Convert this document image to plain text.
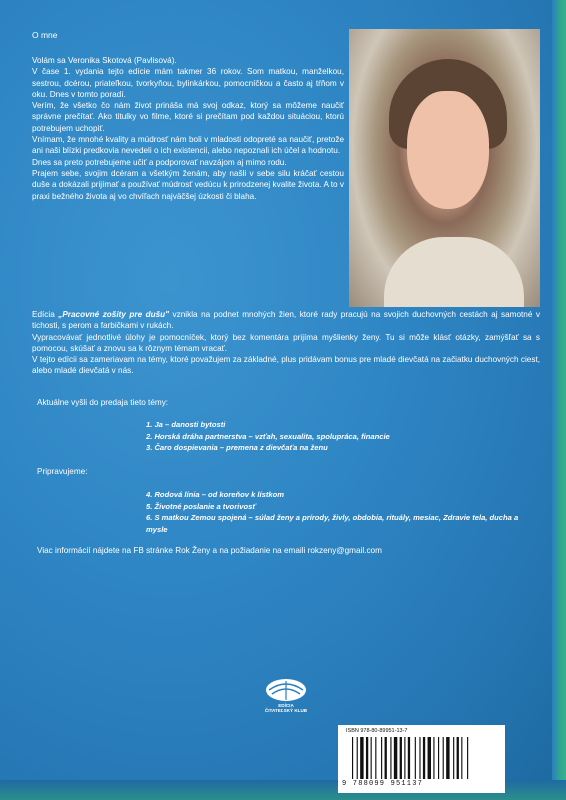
O mne

Volám sa Veronika Skotová (Pavlisová).

V čase 1. vydania tejto edície mám takmer 36 rokov. Som matkou, manželkou, sestrou, dcérou, priateľkou, tvorkyňou, bylinkárkou, pomocníčkou a často aj tŕňom v oku. Dnes v tomto poradí.

Verím, že všetko čo nám život prináša má svoj odkaz, ktorý sa môžeme naučiť správne prečítať. Ako titulky vo filme, ktoré si prečítam pod každou situáciou, ktorú potrebujem uchopiť.

Vnímam, že mnohé kvality a múdrosť nám boli v mladosti odopreté sa naučiť, pretože ani naši blízki predkovia nevedeli o ich existencii, alebo nepoznali ich účel a hodnotu.

Dnes sa preto potrebujeme učiť a podporovať navzájom aj mimo rodu.

Prajem sebe, svojim dcéram a všetkým ženám, aby našli v sebe silu kráčať cestou duše a dokázali prijímať a používať múdrosť vedúcu k prirodzenej kvalite života. A to v praxi bežného života aj vo chvíľach najväčšej úzkosti či blaha.

Edícia „Pracovné zošity pre dušu" vznikla na podnet mnohých žien, ktoré rady pracujú na svojich duchovných cestách aj samotné v tichosti, s perom a farbičkami v rukách.

Vypracovávať jednotlivé úlohy je pomocníček, ktorý bez komentára prijíma myšlienky ženy. Tu si môže klásť otázky, zamýšľať sa s pomocou, skúšať a znovu sa k rôznym témam vracať.

V tejto edícii sa zameriavam na témy, ktoré považujem za základné, plus pridávam bonus pre mladé dievčatá na začiatku duchovných ciest, alebo mladé dievčatá v nás.

Aktuálne vyšli do predaja tieto témy:
1. Ja – danosti bytosti
2. Horská dráha partnerstva – vzťah, sexualita, spolupráca, financie
3. Čaro dospievania – premena z dievčaťa na ženu
Pripravujeme:
4. Rodová línia – od koreňov k lístkom
5. Životné poslanie a tvorivosť
6. S matkou Zemou spojená – súlad ženy a prírody, živly, obdobia, rituály, mesiac, Zdravie tela, ducha a mysle
Viac informácií nájdete na FB stránke Rok Ženy a na požiadanie na emaili rokzeny@gmail.com
EDÍCIA
ČITATEĽSKÝ KLUB
ISBN 978-80-89951-13-7
9 788099 951137
